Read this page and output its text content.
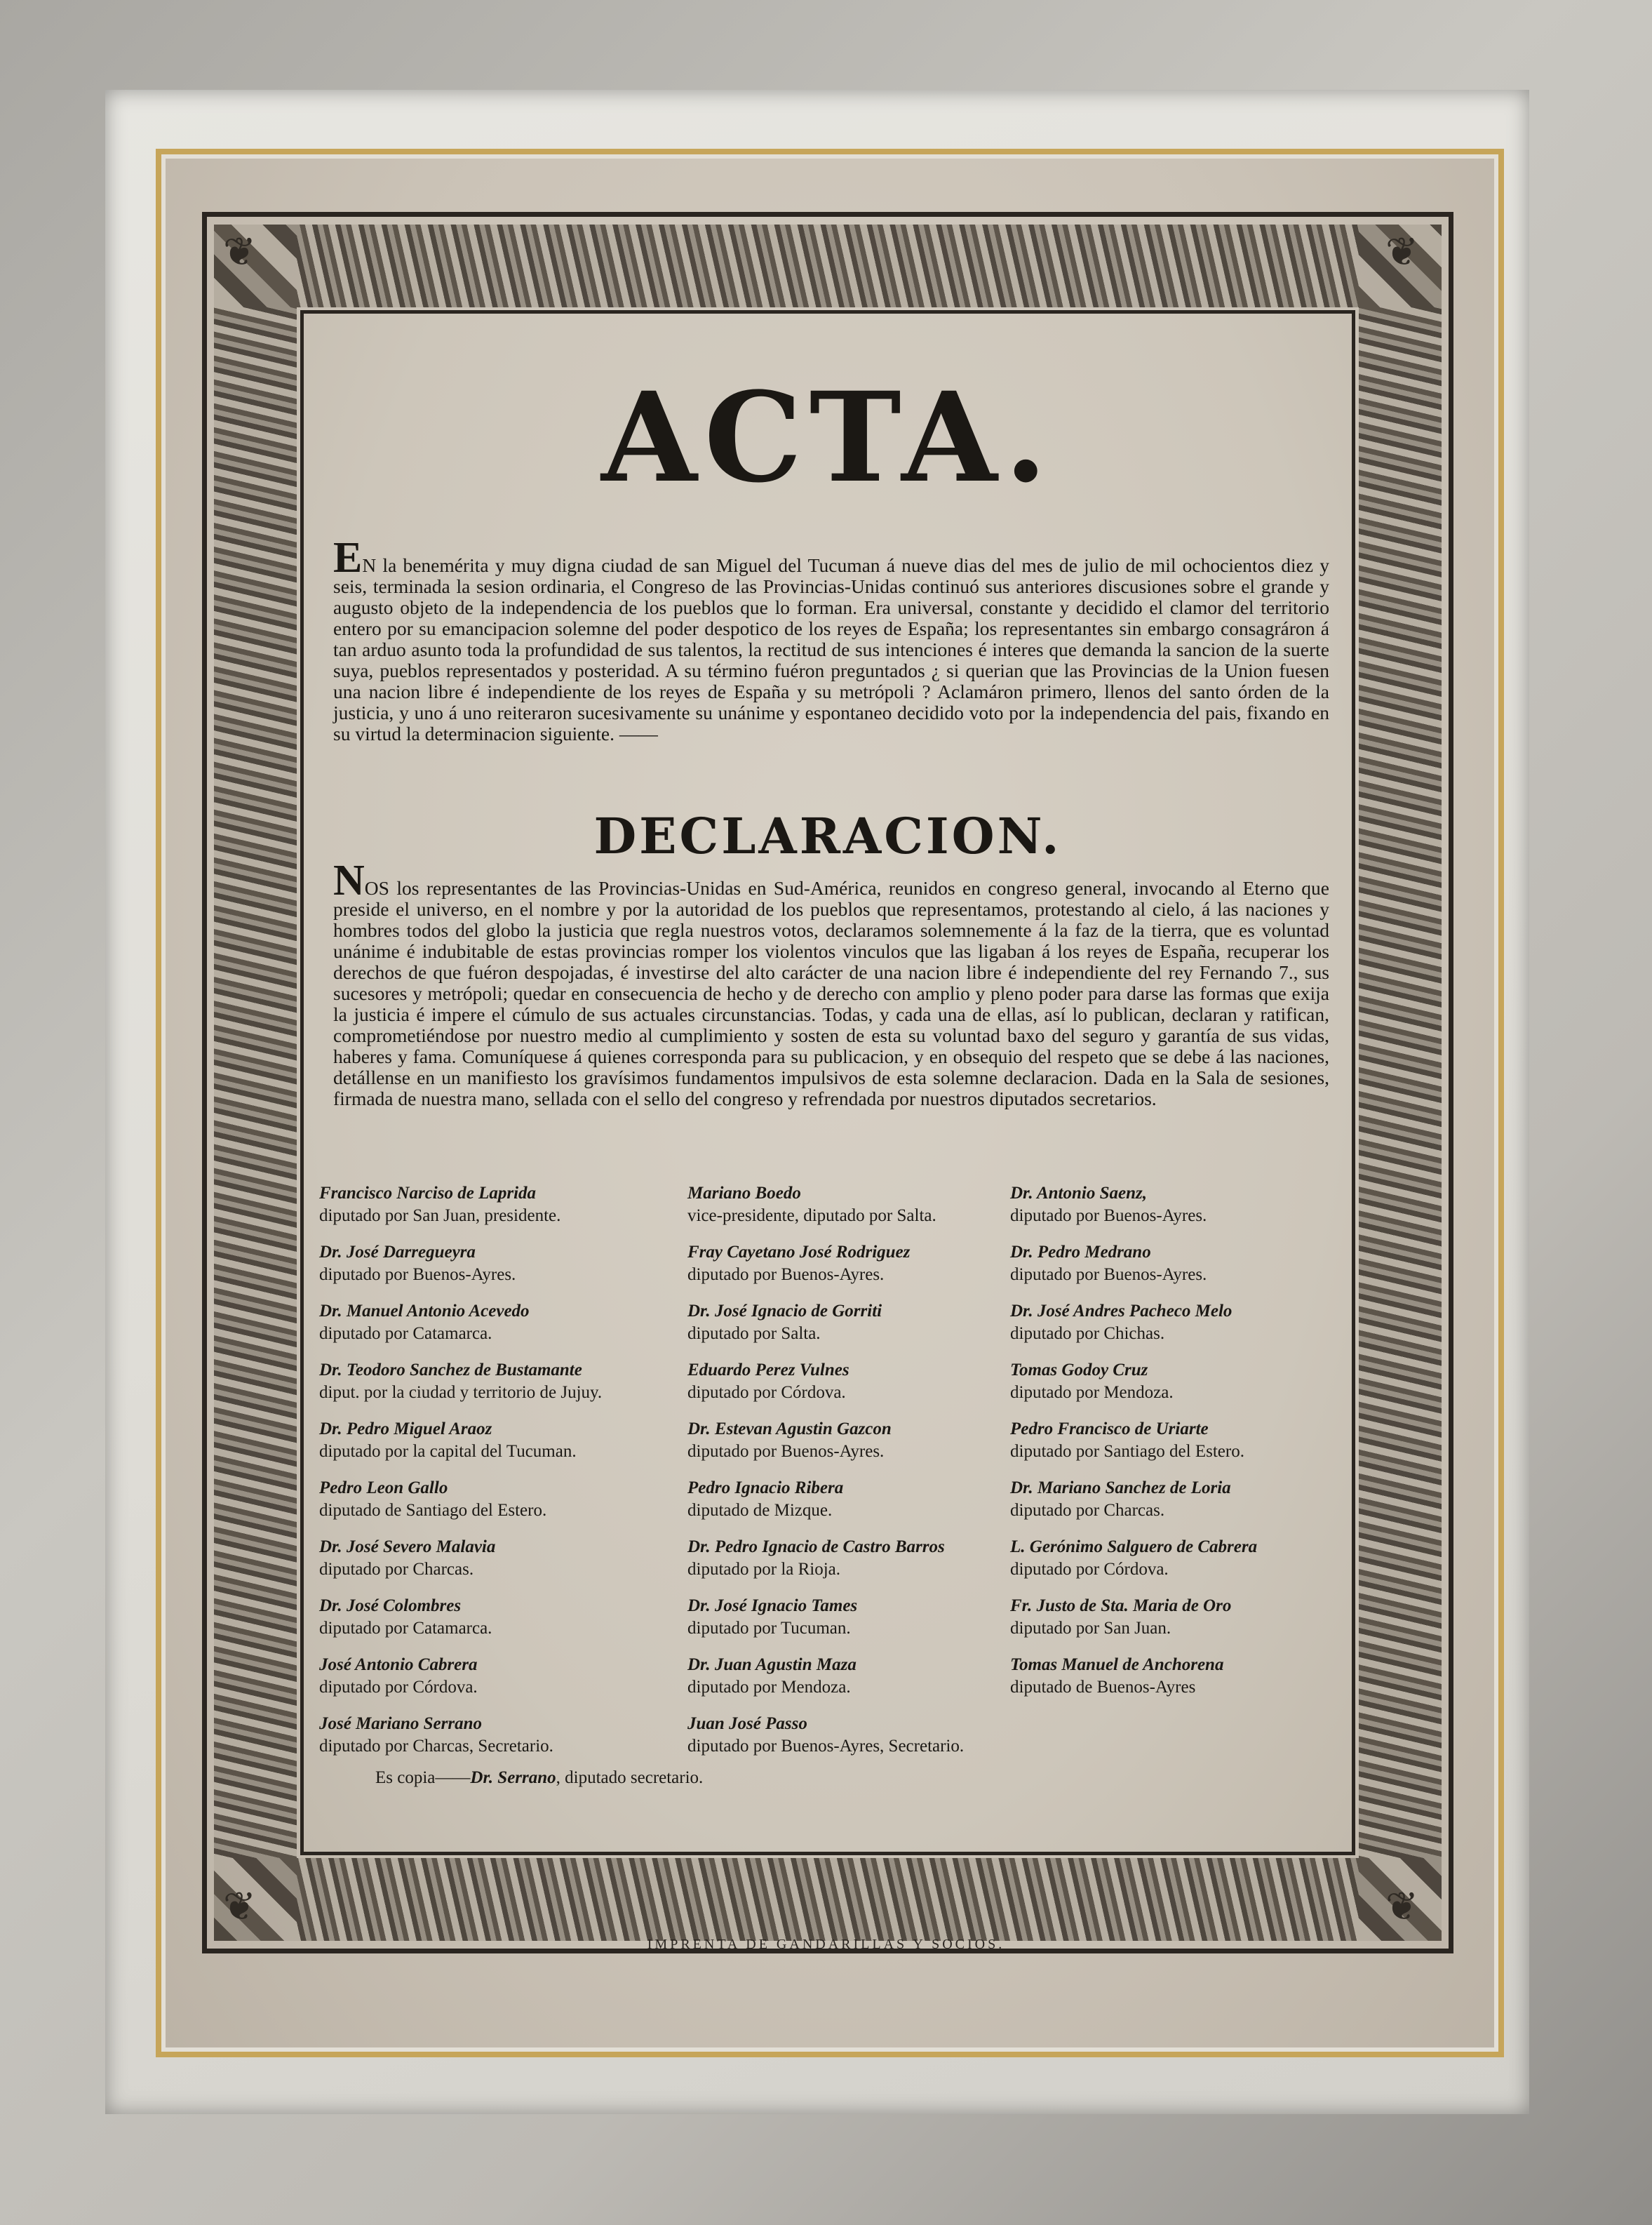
❦	❦
❦	❦
ACTA.
EN la beneméritа y muy digna ciudad de san Miguel del Tucuman á nueve dias del mes de julio de mil ochocientos diez y seis, terminada la sesion ordinaria, el Congreso de las Provincias-Unidas continuó sus anteriores discusiones sobre el grande y augusto objeto de la independencia de los pueblos que lo forman. Era universal, constante y decidido el clamor del territorio entero por su emancipacion solemne del poder despotico de los reyes de España; los representantes sin embargo consagráron á tan arduo asunto toda la profundidad de sus talentos, la rectitud de sus intenciones é interes que demanda la sancion de la suerte suya, pueblos representados y posteridad. A su término fuéron preguntados ¿ si querian que las Provincias de la Union fuesen una nacion libre é independiente de los reyes de España y su metrópoli ? Aclamáron primero, llenos del santo órden de la justicia, y uno á uno reiteraron sucesivamente su unánime y espontaneo decidido voto por la independencia del pais, fixando en su virtud la determinacion siguiente. ——
DECLARACION.
NOS los representantes de las Provincias-Unidas en Sud-América, reunidos en congreso general, invocando al Eterno que preside el universo, en el nombre y por la autoridad de los pueblos que representamos, protestando al cielo, á las naciones y hombres todos del globo la justicia que regla nuestros votos, declaramos solemnemente á la faz de la tierra, que es voluntad unánime é indubitable de estas provincias romper los violentos vinculos que las ligaban á los reyes de España, recuperar los derechos de que fuéron despojadas, é investirse del alto carácter de una nacion libre é independiente del rey Fernando 7., sus sucesores y metrópoli; quedar en consecuencia de hecho y de derecho con amplio y pleno poder para darse las formas que exija la justicia é impere el cúmulo de sus actuales circunstancias. Todas, y cada una de ellas, así lo publican, declaran y ratifican, comprometiéndose por nuestro medio al cumplimiento y sosten de esta su voluntad baxo del seguro y garantía de sus vidas, haberes y fama. Comuníquese á quienes corresponda para su publicacion, y en obsequio del respeto que se debe á las naciones, detállense en un manifiesto los gravísimos fundamentos impulsivos de esta solemne declaracion. Dada en la Sala de sesiones, firmada de nuestra mano, sellada con el sello del congreso y refrendada por nuestros diputados secretarios.
Francisco Narciso de Laprida
diputado por San Juan, presidente.
Dr. José Darregueyra
diputado por Buenos-Ayres.
Dr. Manuel Antonio Acevedo
diputado por Catamarca.
Dr. Teodoro Sanchez de Bustamante
diput. por la ciudad y territorio de Jujuy.
Dr. Pedro Miguel Araoz
diputado por la capital del Tucuman.
Pedro Leon Gallo
diputado de Santiago del Estero.
Dr. José Severo Malavia
diputado por Charcas.
Dr. José Colombres
diputado por Catamarca.
José Antonio Cabrera
diputado por Córdova.
José Mariano Serrano
diputado por Charcas, Secretario.
Mariano Boedo
vice-presidente, diputado por Salta.
Fray Cayetano José Rodriguez
diputado por Buenos-Ayres.
Dr. José Ignacio de Gorriti
diputado por Salta.
Eduardo Perez Vulnes
diputado por Córdova.
Dr. Estevan Agustin Gazcon
diputado por Buenos-Ayres.
Pedro Ignacio Ribera
diputado de Mizque.
Dr. Pedro Ignacio de Castro Barros
diputado por la Rioja.
Dr. José Ignacio Tames
diputado por Tucuman.
Dr. Juan Agustin Maza
diputado por Mendoza.
Juan José Passo
diputado por Buenos-Ayres, Secretario.
Dr. Antonio Saenz,
diputado por Buenos-Ayres.
Dr. Pedro Medrano
diputado por Buenos-Ayres.
Dr. José Andres Pacheco Melo
diputado por Chichas.
Tomas Godoy Cruz
diputado por Mendoza.
Pedro Francisco de Uriarte
diputado por Santiago del Estero.
Dr. Mariano Sanchez de Loria
diputado por Charcas.
L. Gerónimo Salguero de Cabrera
diputado por Córdova.
Fr. Justo de Sta. Maria de Oro
diputado por San Juan.
Tomas Manuel de Anchorena
diputado de Buenos-Ayres
Es copia——Dr. Serrano, diputado secretario.
IMPRENTA DE GANDARILLAS Y SOCIOS.
